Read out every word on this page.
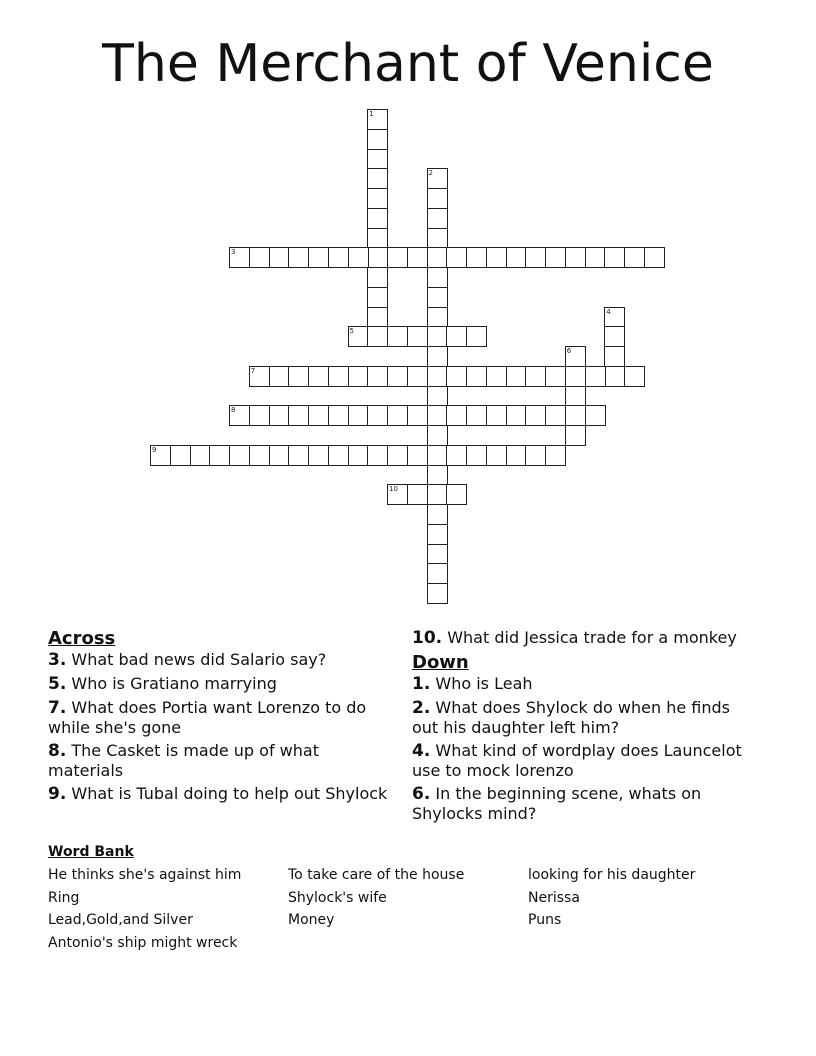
The Merchant of Venice
1
2
3
4
5
6
7
8
9
10
Across
3. What bad news did Salario say?
5. Who is Gratiano marrying
7. What does Portia want Lorenzo to do while she's gone
8. The Casket is made up of what materials
9. What is Tubal doing to help out Shylock
10. What did Jessica trade for a monkey
Down
1. Who is Leah
2. What does Shylock do when he finds out his daughter left him?
4. What kind of wordplay does Launcelot use to mock lorenzo
6. In the beginning scene, whats on Shylocks mind?
Word Bank
He thinks she's against him	To take care of the house	looking for his daughter
Ring	Shylock's wife	Nerissa
Lead,Gold,and Silver	Money	Puns
Antonio's ship might wreck
